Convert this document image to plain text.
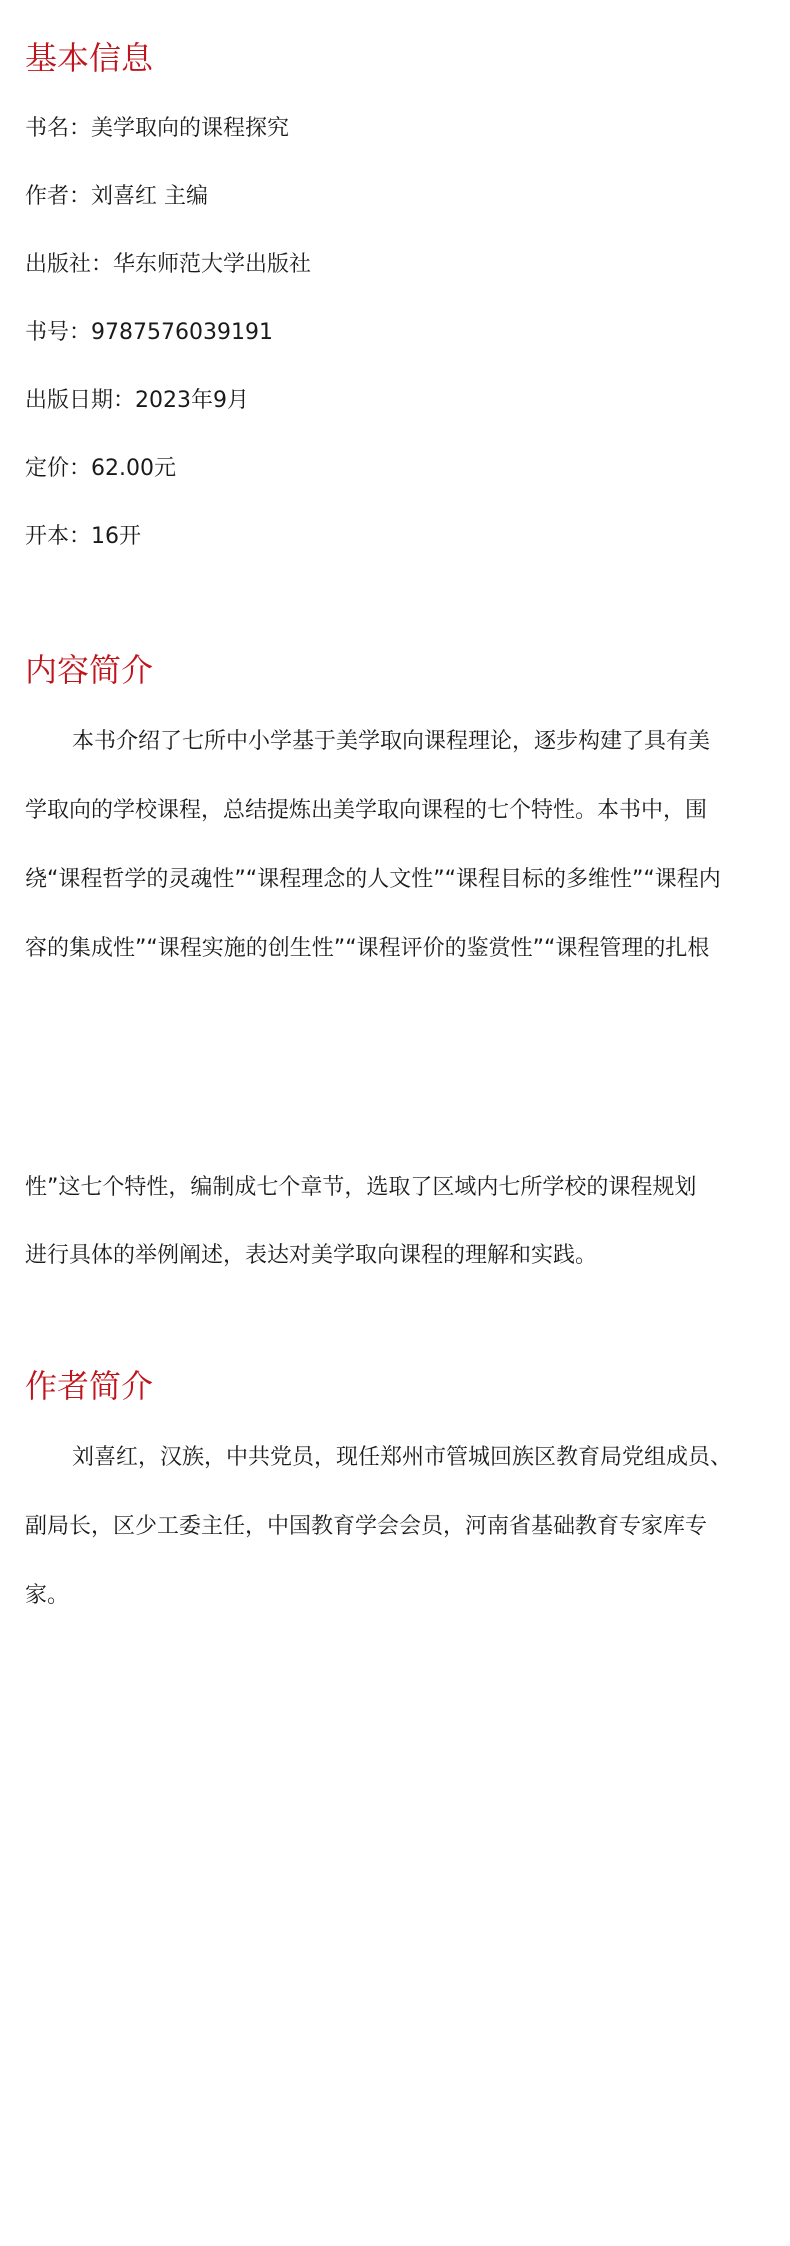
基本信息
书名：美学取向的课程探究
作者：刘喜红 主编
出版社：华东师范大学出版社
书号：9787576039191
出版日期：2023年9月
定价：62.00元
开本：16开
内容简介
本书介绍了七所中小学基于美学取向课程理论，逐步构建了具有美
学取向的学校课程，总结提炼出美学取向课程的七个特性。本书中，围
绕“课程哲学的灵魂性”“课程理念的人文性”“课程目标的多维性”“课程内
容的集成性”“课程实施的创生性”“课程评价的鉴赏性”“课程管理的扎根
性”这七个特性，编制成七个章节，选取了区域内七所学校的课程规划
进行具体的举例阐述，表达对美学取向课程的理解和实践。
作者简介
刘喜红，汉族，中共党员，现任郑州市管城回族区教育局党组成员、
副局长，区少工委主任，中国教育学会会员，河南省基础教育专家库专
家。
